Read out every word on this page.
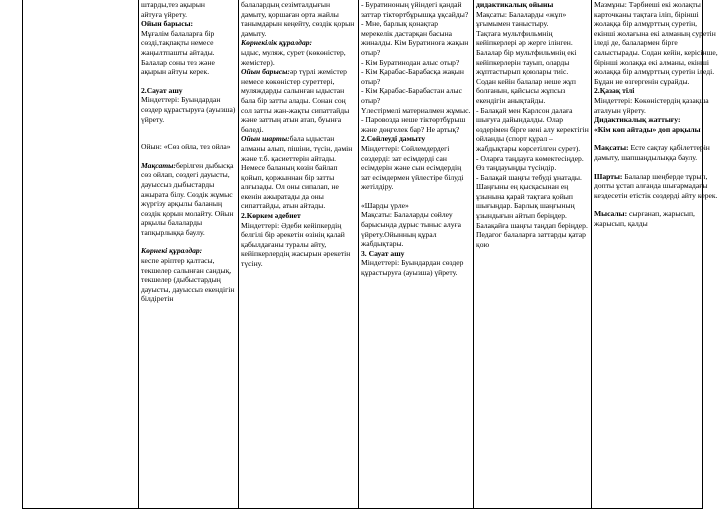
штарды,тез ақырын
айтуға үйрету.
Ойын барысы:
Мұғалім балаларға бір сөзді,тақпақты немесе жаңылтпашты айтады. Балалар соны тез және ақырын айтуы керек.
2.Сауат ашу
Міндеттері: Буындардан сөздер құрастыруға (ауызша) үйрету.
Ойын: «Сөз ойла, тез ойла»
Мақсаты:берілген дыбысқа сөз ойлап, сөздегі дауысты, дауыссыз дыбыстарды ажырата білу. Сөздік жұмыс жүргізу арқылы баланың сөздік қорын молайту. Ойын арқылы балаларды тапқырлыққа баулу.
Көрнекі құралдар:
кеспе әріптер қалтасы, текшелер салынған сандық, текшелер (дыбыстардың дауысты, дауыссыз екендігін білдіретін
балалардың сезімталдығын дамыту, қоршаған орта жайлы танымдарын кеңейту, сөздік қорын дамыту.
Көрнекілік құралдар:
ыдыс, муляж, сурет (көкөністер, жемістер).
Ойын барысы:әр түрлі жемістер немесе көкөністер суреттері, муляждарды салынған ыдыстан бала бір затты алады. Сонан соң сол затты жан-жақты сипаттайды және заттың атын атап, буынға бөледі.
Ойын шарты:бала ыдыстан алманы алып, пішіни, түсін, дәмін және т.б. қасиеттерін айтады. Немесе баланың көзін байлап қойып, қоржыннан бір затты алғызады. Ол оны сипалап, не екенін ажыратады да оны сипаттайды, атын айтады.
2.Көркем әдебиет
Міндеттері: Әдеби кейіпкердің белгілі бір әрекетін өзінің қалай қабылдағаны туралы айту, кейіпкерлердің жасырын әрекетін түсіну.
- Буратиноның үйіндегі қандай заттар тіктөртбұрышқа ұқсайды?
- Мне, барлық қонақтар мерекелік дастарқан басына жиналды. Кім Буратиноға жақын отыр?
- Кім Буратинодан алыс отыр?
- Кім Қарабас-Барабасқа жақын отыр?
- Кім Қарабас-Барабастан алыс отыр?
Үлестірмелі материалмен жұмыс.
- Паровозда неше тіктөртбұрыш және дөңгелек бар? Не артық?
2.Сөйлеуді дамыту
Міндеттері: Сөйлемдердегі сөздерді: зат есімдерді сан есімдерін және сын есімдердің зат есімдермен үйлестіре білуді жетілдіру.
«Шарды үрле»
Мақсаты: Балаларды сөйлеу барысында дұрыс тыныс алуға үйрету.Ойынның құрал жабдықтары.
3. Сауат ашу
Міндеттері: Буындардан сөздер құрастыруға (ауызша) үйрету.
дидактикалық ойыны
Мақсаты: Балаларды «жұп» ұғымымен таныстыру.
Тақтаға мультфильмнің кейіпкерлері әр жерге ілінген.
Балалар бір мультфильмнің екі кейіпкерлерін тауып, оларды жұптастырып қоюлары тиіс. Содан кейін балалар неше жұп болғанын, қайсысы жұпсыз екендігін анықтайды.
- Балақай мен Карлсон далаға шығуға дайындалды. Олар өздерімен бірге нені алу керектігін ойланды (спорт құрал – жабдықтары көрсетілген сурет).
- Оларға таңдауға көмектесіңдер. Өз таңдауыңды түсіндір.
- Балақай шаңғы тебуді ұнатады. Шаңғыны ең қысқасынан ең ұзынына қарай тақтаға қойып шығыңдар. Барлық шаңғының ұзындығын айтып беріңдер. Балақайға шаңғы таңдап беріңдер.
Педагог балаларға заттарды қатар қою
Мазмұны: Тәрбиеші екі жолақты карточканы тақтаға іліп, бірінші жолаққа бір алмұрттың суретін, екінші жолағына екі алманың суретін іледі де, балалармен бірге салыстырады. Содан кейін, керісінше, бірінші жолаққа екі алманы, екінші жолаққа бір алмұрттың суретін іледі. Бұдан не өзгергенін сұрайды.
2.Қазақ тілі
Міндеттері: Көкөністердің қазақша аталуын үйрету.
Дидактикалық жаттығу:
«Кім көп айтады» доп арқылы
Мақсаты: Есте сақтау қабілеттерін дамыту, шапшаңдылыққа баулу.
Шарты: Балалар шеңберде тұрып, допты ұстап алғанда шығармадағы кездесетін етістік сөздерді айту керек.
Мысалы: сырғанап, жарысып, жарысып, қалды
